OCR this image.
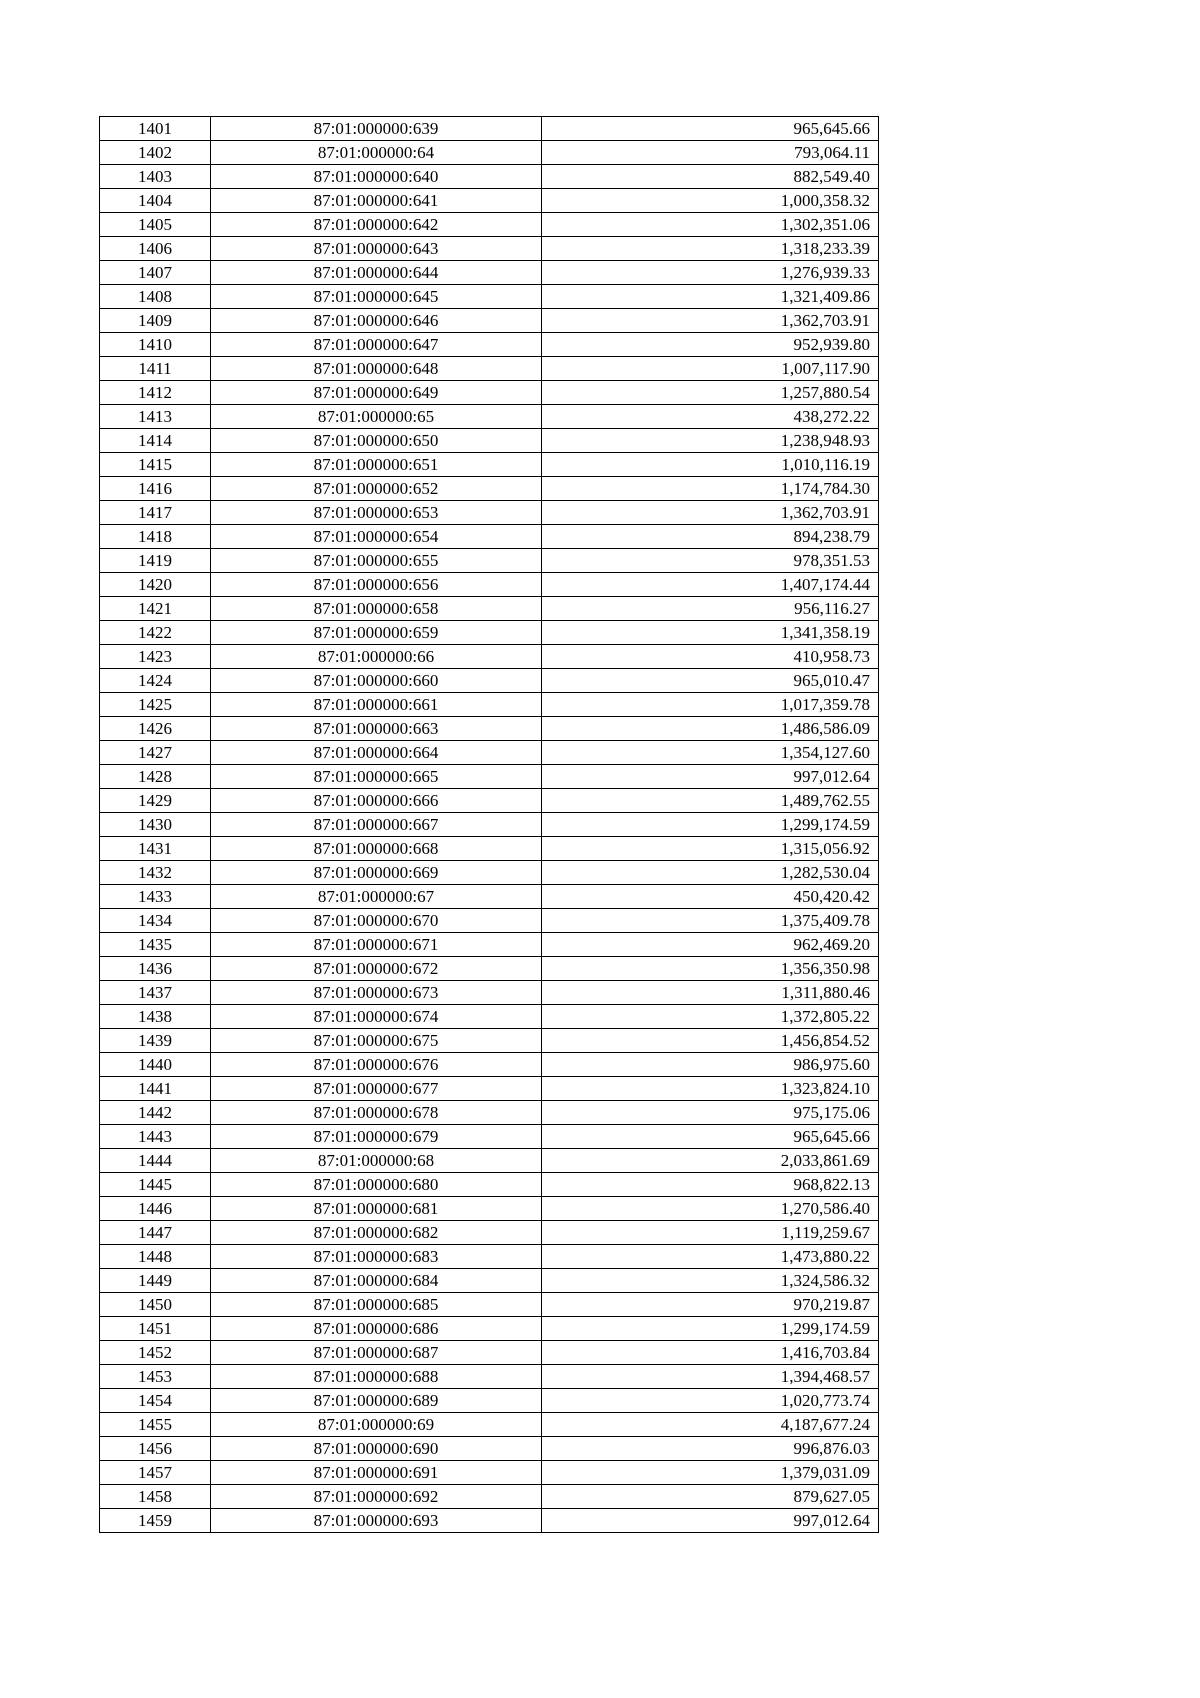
1401	87:01:000000:639	965,645.66
1402	87:01:000000:64	793,064.11
1403	87:01:000000:640	882,549.40
1404	87:01:000000:641	1,000,358.32
1405	87:01:000000:642	1,302,351.06
1406	87:01:000000:643	1,318,233.39
1407	87:01:000000:644	1,276,939.33
1408	87:01:000000:645	1,321,409.86
1409	87:01:000000:646	1,362,703.91
1410	87:01:000000:647	952,939.80
1411	87:01:000000:648	1,007,117.90
1412	87:01:000000:649	1,257,880.54
1413	87:01:000000:65	438,272.22
1414	87:01:000000:650	1,238,948.93
1415	87:01:000000:651	1,010,116.19
1416	87:01:000000:652	1,174,784.30
1417	87:01:000000:653	1,362,703.91
1418	87:01:000000:654	894,238.79
1419	87:01:000000:655	978,351.53
1420	87:01:000000:656	1,407,174.44
1421	87:01:000000:658	956,116.27
1422	87:01:000000:659	1,341,358.19
1423	87:01:000000:66	410,958.73
1424	87:01:000000:660	965,010.47
1425	87:01:000000:661	1,017,359.78
1426	87:01:000000:663	1,486,586.09
1427	87:01:000000:664	1,354,127.60
1428	87:01:000000:665	997,012.64
1429	87:01:000000:666	1,489,762.55
1430	87:01:000000:667	1,299,174.59
1431	87:01:000000:668	1,315,056.92
1432	87:01:000000:669	1,282,530.04
1433	87:01:000000:67	450,420.42
1434	87:01:000000:670	1,375,409.78
1435	87:01:000000:671	962,469.20
1436	87:01:000000:672	1,356,350.98
1437	87:01:000000:673	1,311,880.46
1438	87:01:000000:674	1,372,805.22
1439	87:01:000000:675	1,456,854.52
1440	87:01:000000:676	986,975.60
1441	87:01:000000:677	1,323,824.10
1442	87:01:000000:678	975,175.06
1443	87:01:000000:679	965,645.66
1444	87:01:000000:68	2,033,861.69
1445	87:01:000000:680	968,822.13
1446	87:01:000000:681	1,270,586.40
1447	87:01:000000:682	1,119,259.67
1448	87:01:000000:683	1,473,880.22
1449	87:01:000000:684	1,324,586.32
1450	87:01:000000:685	970,219.87
1451	87:01:000000:686	1,299,174.59
1452	87:01:000000:687	1,416,703.84
1453	87:01:000000:688	1,394,468.57
1454	87:01:000000:689	1,020,773.74
1455	87:01:000000:69	4,187,677.24
1456	87:01:000000:690	996,876.03
1457	87:01:000000:691	1,379,031.09
1458	87:01:000000:692	879,627.05
1459	87:01:000000:693	997,012.64
